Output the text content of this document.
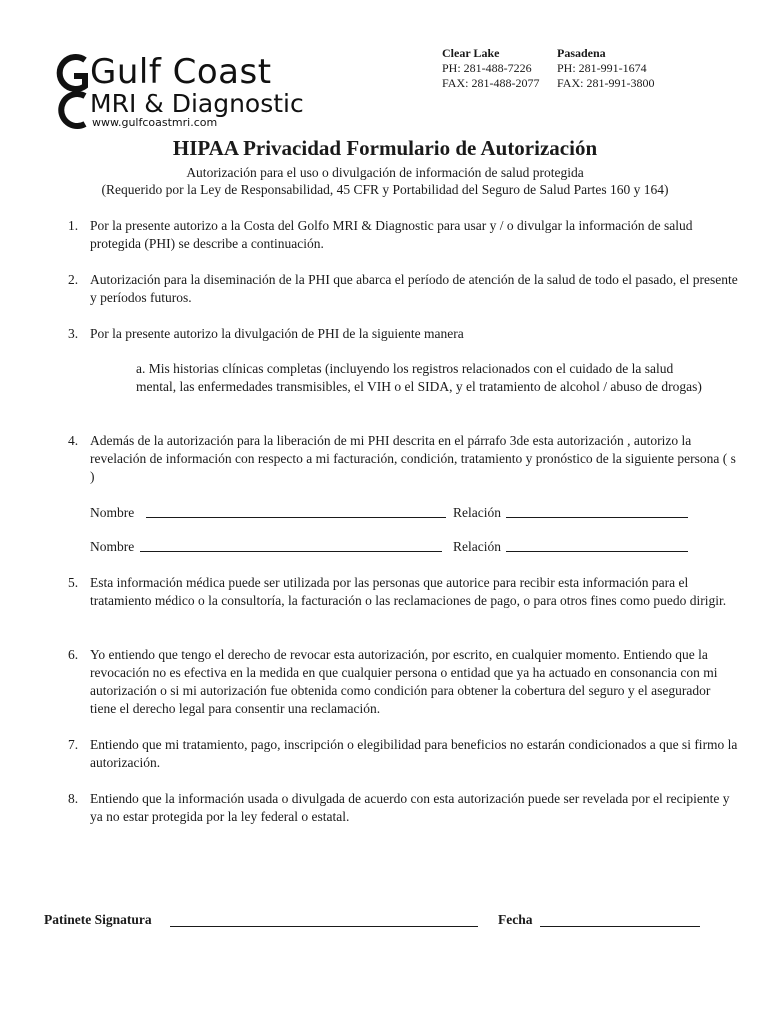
Gulf Coast
MRI & Diagnostic
www.gulfcoastmri.com
Clear Lake
PH: 281-488-7226
FAX: 281-488-2077
Pasadena
PH: 281-991-1674
FAX: 281-991-3800
HIPAA Privacidad Formulario de Autorización
Autorización para el uso o divulgación de información de salud protegida
(Requerido por la Ley de Responsabilidad, 45 CFR y Portabilidad del Seguro de Salud Partes 160 y 164)
1. Por la presente autorizo a la Costa del Golfo MRI & Diagnostic para usar y / o divulgar la información de salud protegida (PHI) se describe a continuación.
2. Autorización para la diseminación de la PHI que abarca el período de atención de la salud de todo el pasado, el presente y períodos futuros.
3. Por la presente autorizo la divulgación de PHI de la siguiente manera
a. Mis historias clínicas completas (incluyendo los registros relacionados con el cuidado de la salud mental, las enfermedades transmisibles, el VIH o el SIDA, y el tratamiento de alcohol / abuso de drogas)
4. Además de la autorización para la liberación de mi PHI descrita en el párrafo 3de esta autorización , autorizo la revelación de información con respecto a mi facturación, condición, tratamiento y pronóstico de la siguiente persona ( s )
Nombre	Relación
Nombre	Relación
5. Esta información médica puede ser utilizada por las personas que autorice para recibir esta información para el tratamiento médico o la consultoría, la facturación o las reclamaciones de pago, o para otros fines como puedo dirigir.
6. Yo entiendo que tengo el derecho de revocar esta autorización, por escrito, en cualquier momento. Entiendo que la revocación no es efectiva en la medida en que cualquier persona o entidad que ya ha actuado en consonancia con mi autorización o si mi autorización fue obtenida como condición para obtener la cobertura del seguro y el asegurador tiene el derecho legal para consentir una reclamación.
7. Entiendo que mi tratamiento, pago, inscripción o elegibilidad para beneficios no estarán condicionados a que si firmo la autorización.
8. Entiendo que la información usada o divulgada de acuerdo con esta autorización puede ser revelada por el recipiente y ya no estar protegida por la ley federal o estatal.
Patinete Signatura	Fecha
